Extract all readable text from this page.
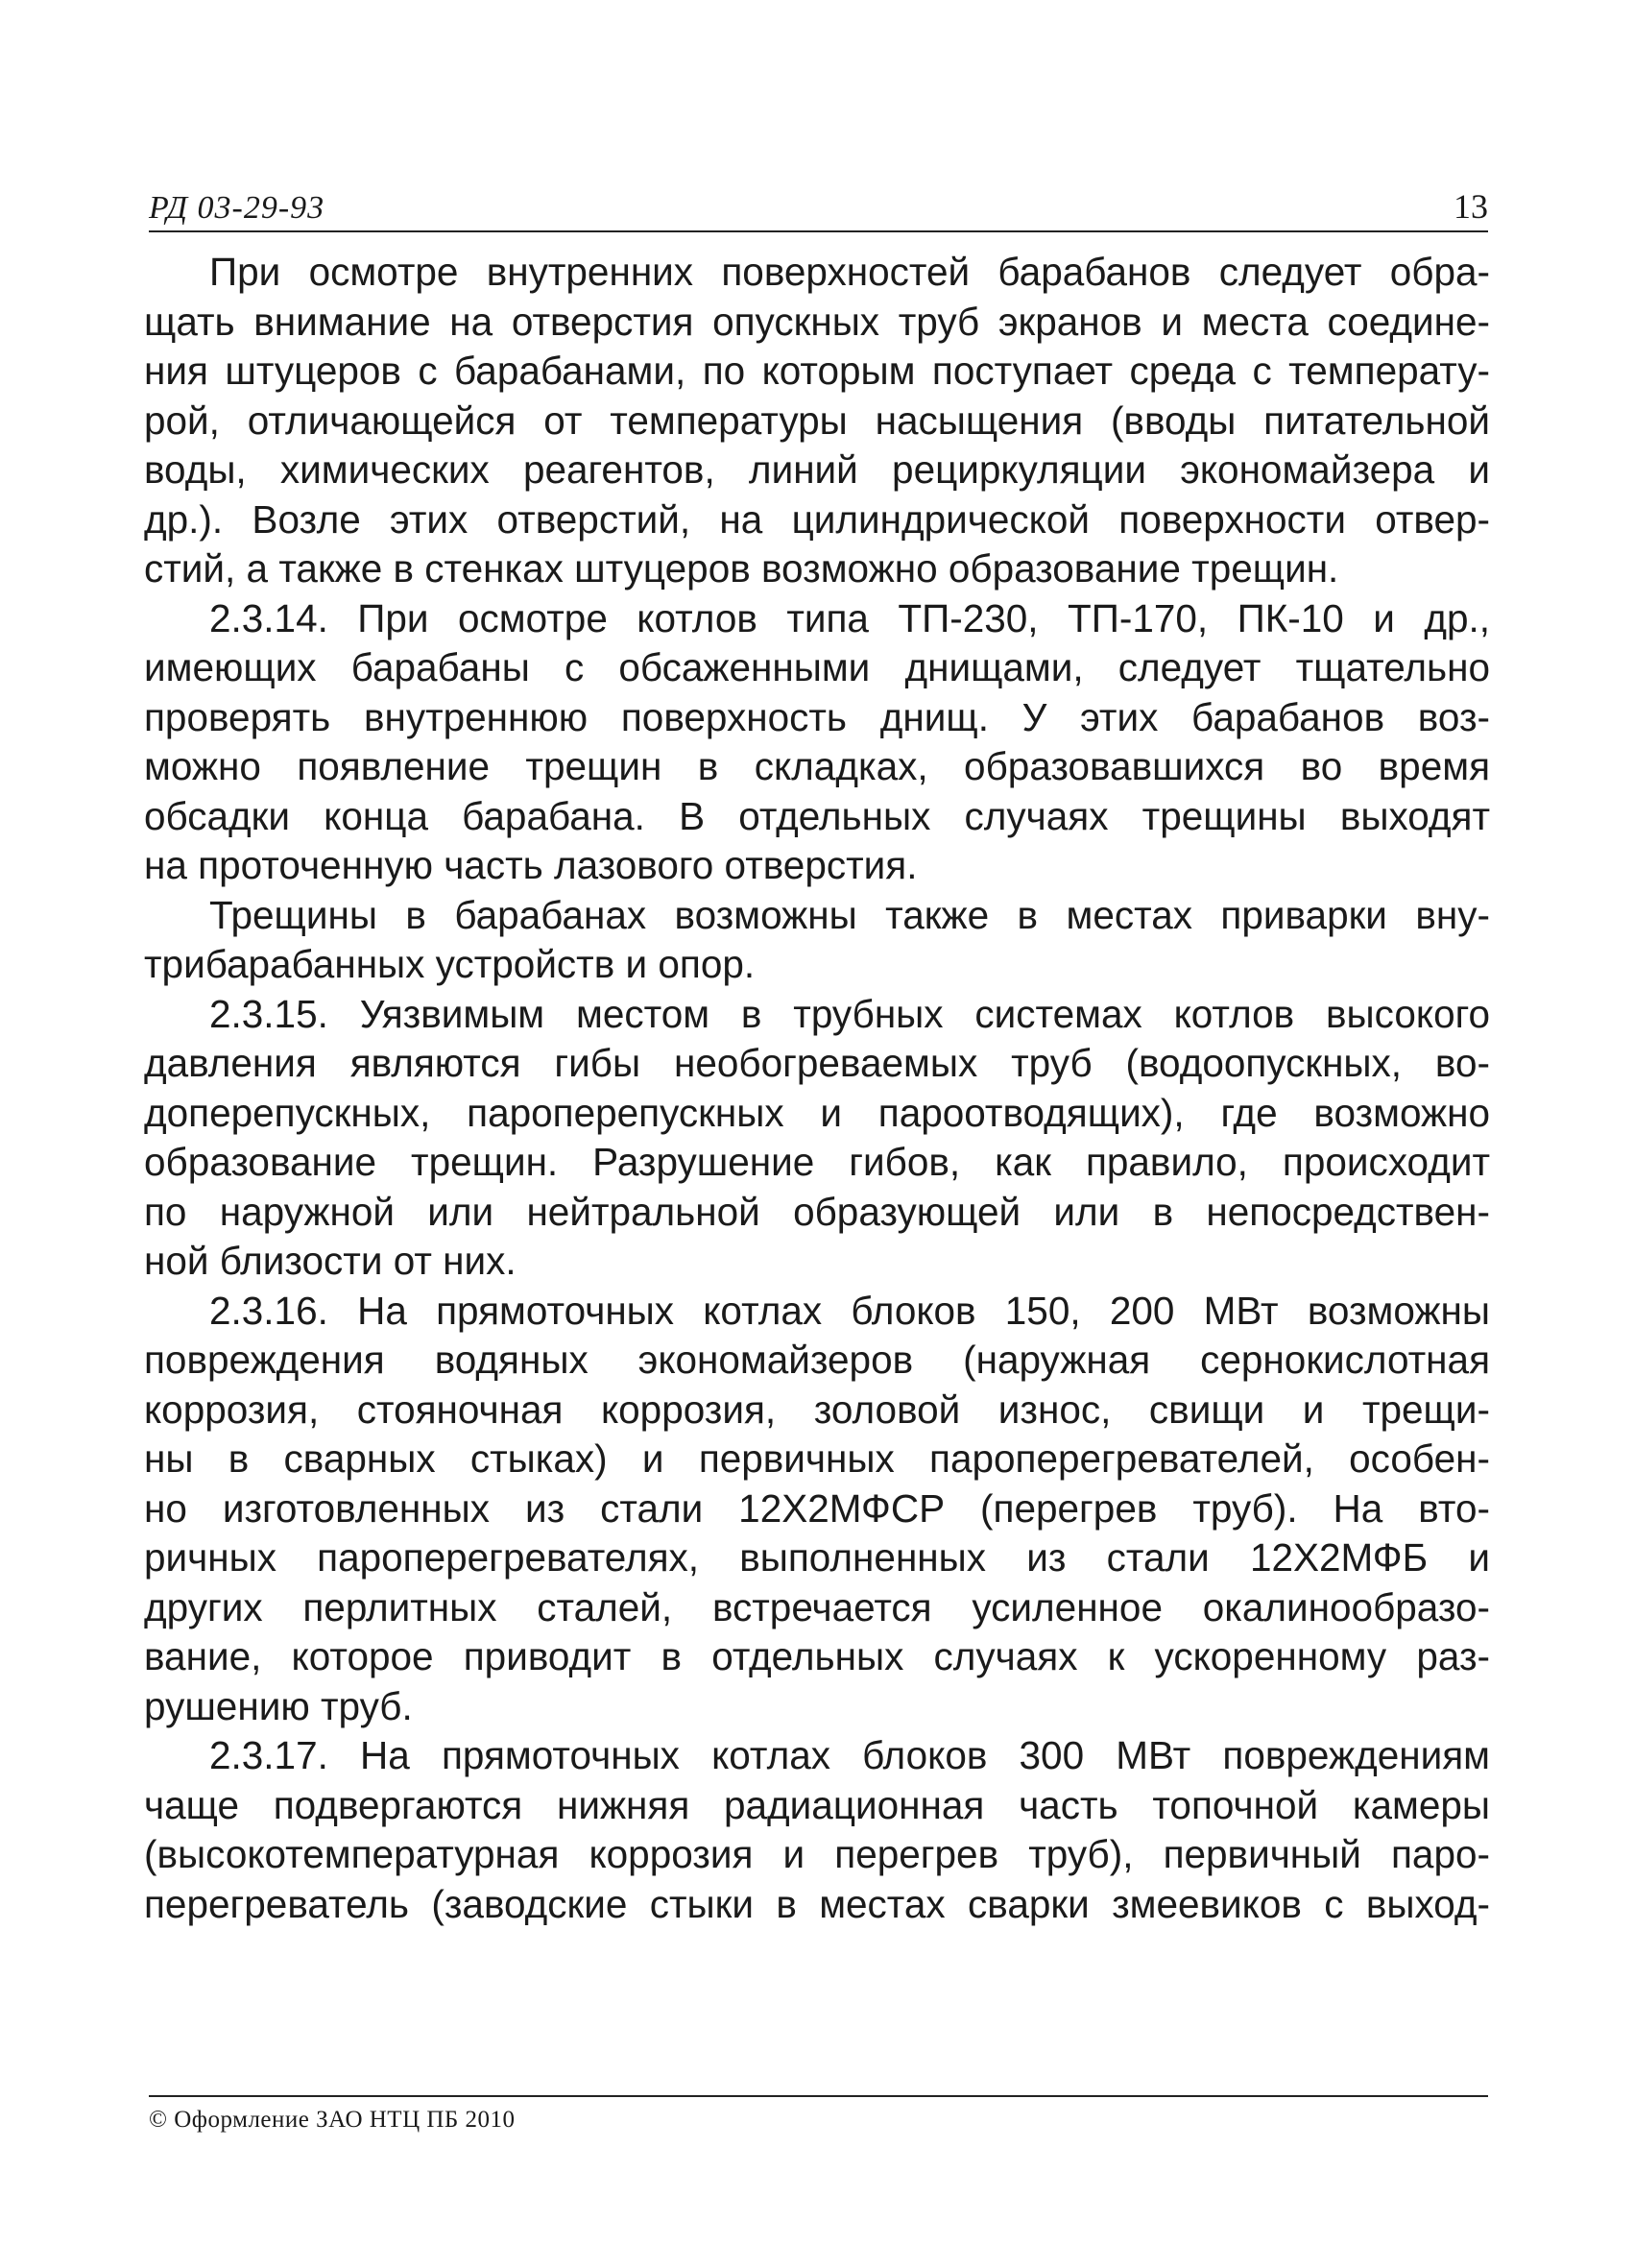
РД 03-29-93	13
При осмотре внутренних поверхностей барабанов следует обра-
щать внимание на отверстия опускных труб экранов и места соедине-
ния штуцеров с барабанами, по которым поступает среда с температу-
рой, отличающейся от температуры насыщения (вводы питательной
воды, химических реагентов, линий рециркуляции экономайзера и
др.). Возле этих отверстий, на цилиндрической поверхности отвер-
стий, а также в стенках штуцеров возможно образование трещин.
2.3.14. При осмотре котлов типа ТП-230, ТП-170, ПК-10 и др.,
имеющих барабаны с обсаженными днищами, следует тщательно
проверять внутреннюю поверхность днищ. У этих барабанов воз-
можно появление трещин в складках, образовавшихся во время
обсадки конца барабана. В отдельных случаях трещины выходят
на проточенную часть лазового отверстия.
Трещины в барабанах возможны также в местах приварки вну-
трибарабанных устройств и опор.
2.3.15. Уязвимым местом в трубных системах котлов высокого
давления являются гибы необогреваемых труб (водоопускных, во-
доперепускных, пароперепускных и пароотводящих), где возможно
образование трещин. Разрушение гибов, как правило, происходит
по наружной или нейтральной образующей или в непосредствен-
ной близости от них.
2.3.16. На прямоточных котлах блоков 150, 200 МВт возможны
повреждения водяных экономайзеров (наружная сернокислотная
коррозия, стояночная коррозия, золовой износ, свищи и трещи-
ны в сварных стыках) и первичных пароперегревателей, особен-
но изготовленных из стали 12Х2МФСР (перегрев труб). На вто-
ричных пароперегревателях, выполненных из стали 12Х2МФБ и
других перлитных сталей, встречается усиленное окалинообразо-
вание, которое приводит в отдельных случаях к ускоренному раз-
рушению труб.
2.3.17. На прямоточных котлах блоков 300 МВт повреждениям
чаще подвергаются нижняя радиационная часть топочной камеры
(высокотемпературная коррозия и перегрев труб), первичный паро-
перегреватель (заводские стыки в местах сварки змеевиков с выход-
© Оформление ЗАО НТЦ ПБ 2010
